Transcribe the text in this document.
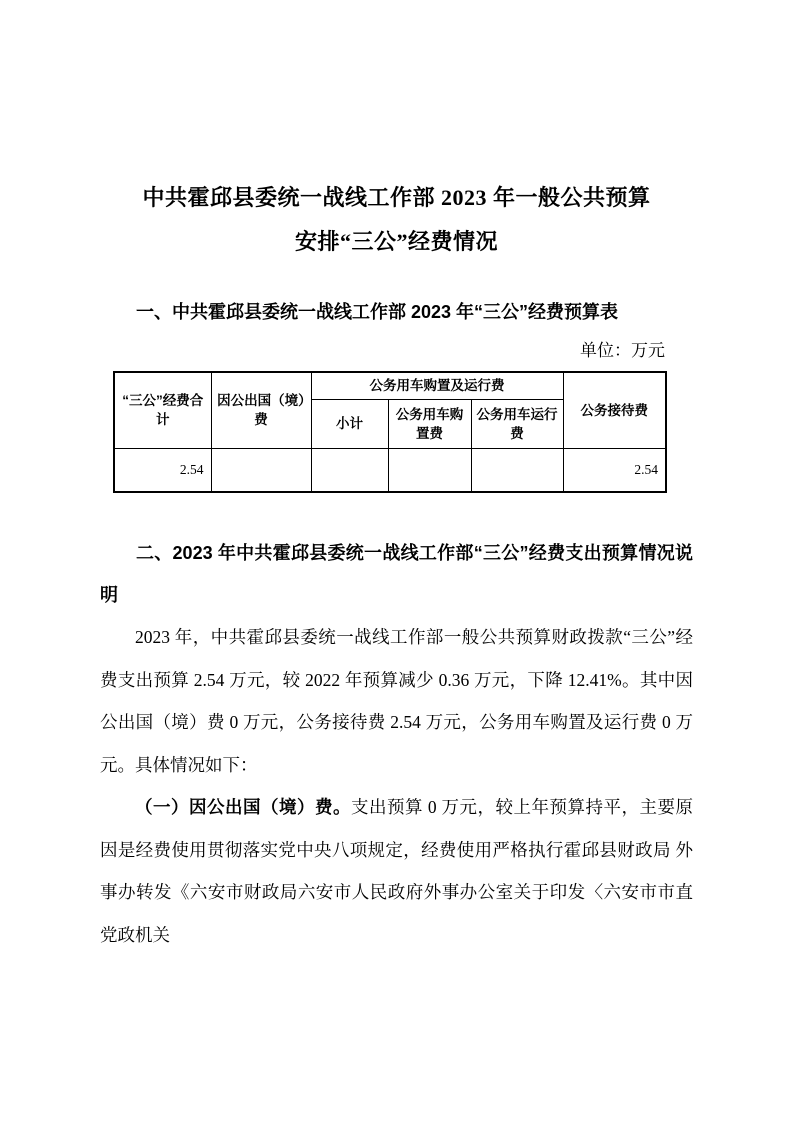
中共霍邱县委统一战线工作部 2023 年一般公共预算
安排“三公”经费情况
一、中共霍邱县委统一战线工作部 2023 年“三公”经费预算表
单位：万元
“三公”经费合计	因公出国（境）费	公务用车购置及运行费			公务接待费
		小计	公务用车购置费	公务用车运行费	
2.54					2.54
二、2023 年中共霍邱县委统一战线工作部“三公”经费支出预算情况说明

2023 年，中共霍邱县委统一战线工作部一般公共预算财政拨款“三公”经费支出预算 2.54 万元，较 2022 年预算减少 0.36 万元，下降 12.41%。其中因公出国（境）费 0 万元，公务接待费 2.54 万元，公务用车购置及运行费 0 万元。具体情况如下：

（一）因公出国（境）费。支出预算 0 万元，较上年预算持平，主要原因是经费使用贯彻落实党中央八项规定，经费使用严格执行霍邱县财政局 外事办转发《六安市财政局六安市人民政府外事办公室关于印发〈六安市市直党政机关
